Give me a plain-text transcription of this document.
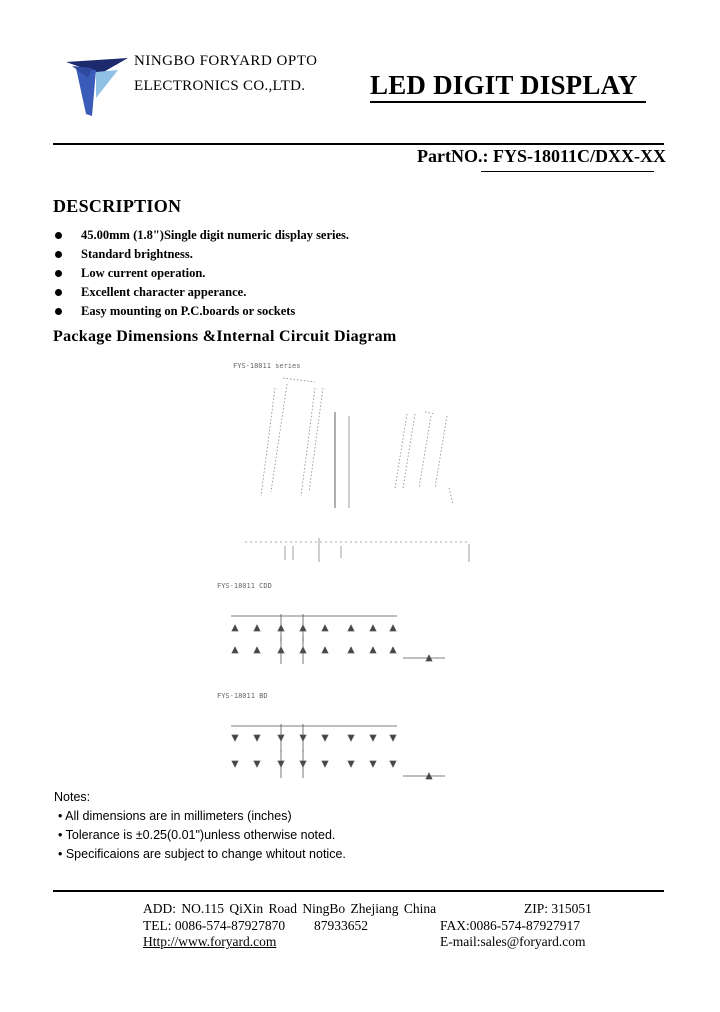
NINGBO FORYARD OPTO
ELECTRONICS CO.,LTD. LED DIGIT DISPLAY
PartNO.: FYS-18011C/DXX-XX
DESCRIPTION
45.00mm (1.8")Single digit numeric display series.
Standard brightness.
Low current operation.
Excellent character apperance.
Easy mounting on P.C.boards or sockets
Package Dimensions &Internal Circuit Diagram
FYS-18011 series
FYS-18011 CDD
FYS-18011 BD
Notes:
• All dimensions are in millimeters (inches)
• Tolerance is ±0.25(0.01")unless otherwise noted.
• Specificaions are subject to change whitout notice.
ADD: NO.115 QiXin Road NingBo Zhejiang China	ZIP: 315051
TEL: 0086-574-87927870 87933652	FAX:0086-574-87927917
Http://www.foryard.com	E-mail:sales@foryard.com
